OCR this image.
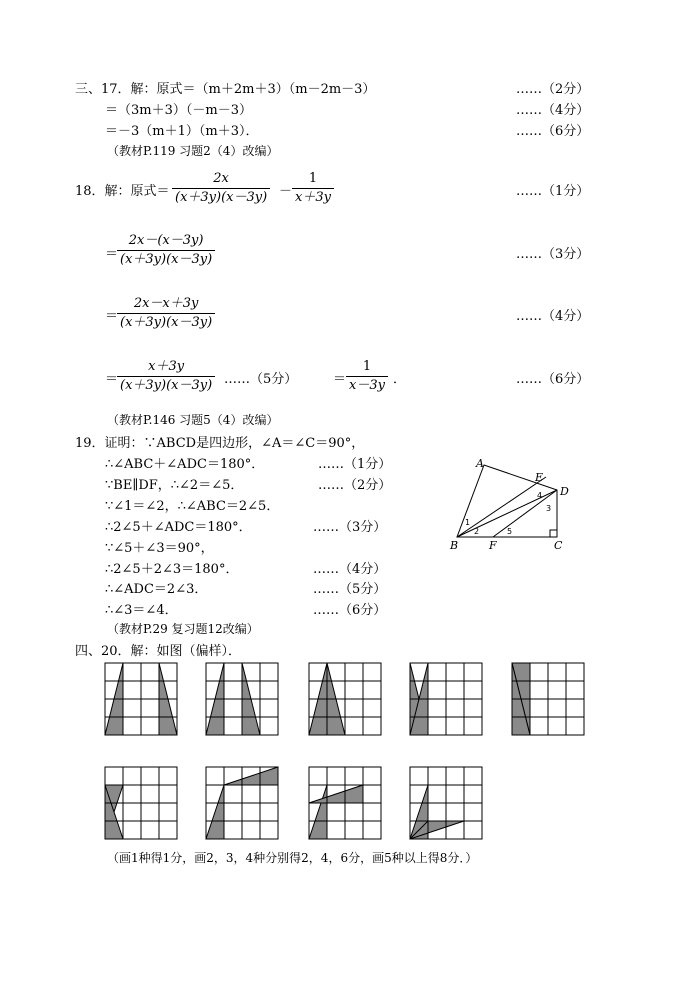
三、17．解：原式＝（m＋2m＋3）（m－2m－3）	……（2分）
＝（3m＋3）（－m－3）	……（4分）
＝－3（m＋1）（m＋3）．	……（6分）
（教材P.119 习题2（4）改编）
18．解：原式＝ $\frac{2x}{(x+3y)(x-3y)} - \frac{1}{x+3y}$	……（1分）
＝
$\frac{2x-(x-3y)}{(x+3y)(x-3y)}$	……（3分）
＝
$\frac{2x-x+3y}{(x+3y)(x-3y)}$	……（4分）
＝
$\frac{x+3y}{(x+3y)(x-3y)}$ ……（5分）	＝ $\frac{1}{x-3y}$ ．	……（6分）
（教材P.146 习题5（4）改编）
19．证明：∵ABCD是四边形，∠A＝∠C＝90°，
∴∠ABC＋∠ADC＝180°．	……（1分）
∵BE∥DF，∴∠2＝∠5．	……（2分）
∵∠1＝∠2，∴∠ABC＝2∠5．
∴2∠5＋∠ADC＝180°．	……（3分）
∵∠5＋∠3＝90°，
∴2∠5＋2∠3＝180°．	……（4分）
∴∠ADC＝2∠3．	……（5分）
∴∠3＝∠4．	……（6分）
（教材P.29 复习题12改编）
A
B	C
D
E
F
1
2
3
4
5
四、20．解：如图（偏样）．
（画1种得1分，画2，3，4种分别得2，4，6分，画5种以上得8分．）
